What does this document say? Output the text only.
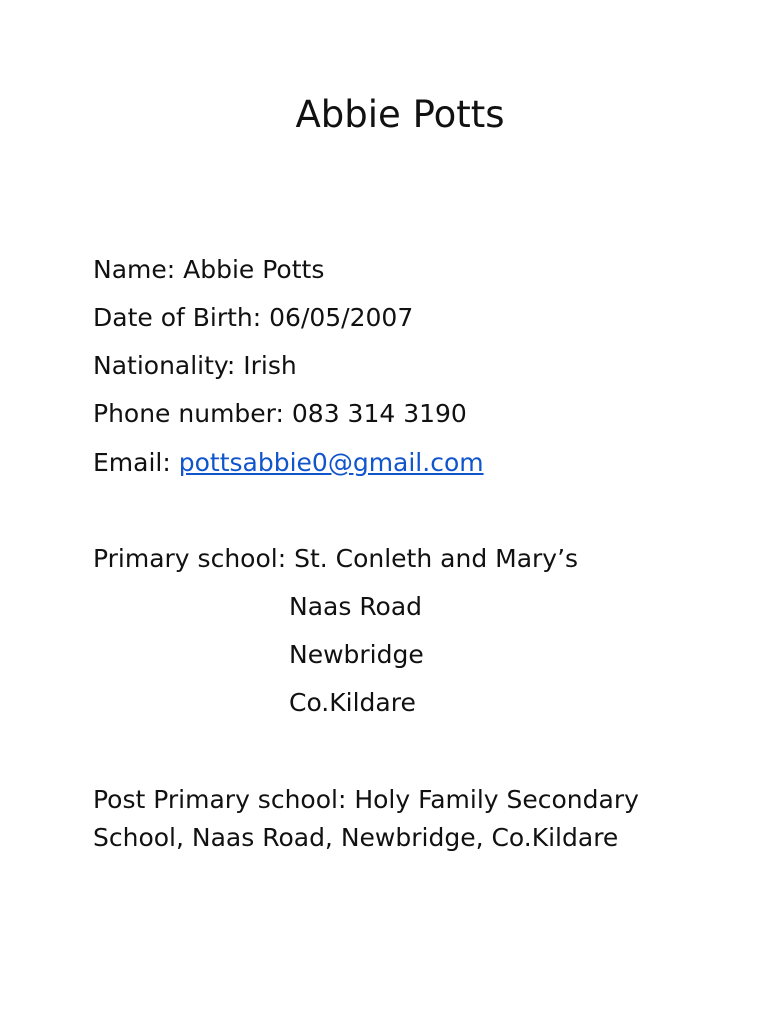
Abbie Potts
Name: Abbie Potts
Date of Birth: 06/05/2007
Nationality: Irish
Phone number: 083 314 3190
Email: pottsabbie0@gmail.com
Primary school: St. Conleth and Mary’s
Naas Road
Newbridge
Co.Kildare
Post Primary school: Holy Family Secondary
School, Naas Road, Newbridge, Co.Kildare
